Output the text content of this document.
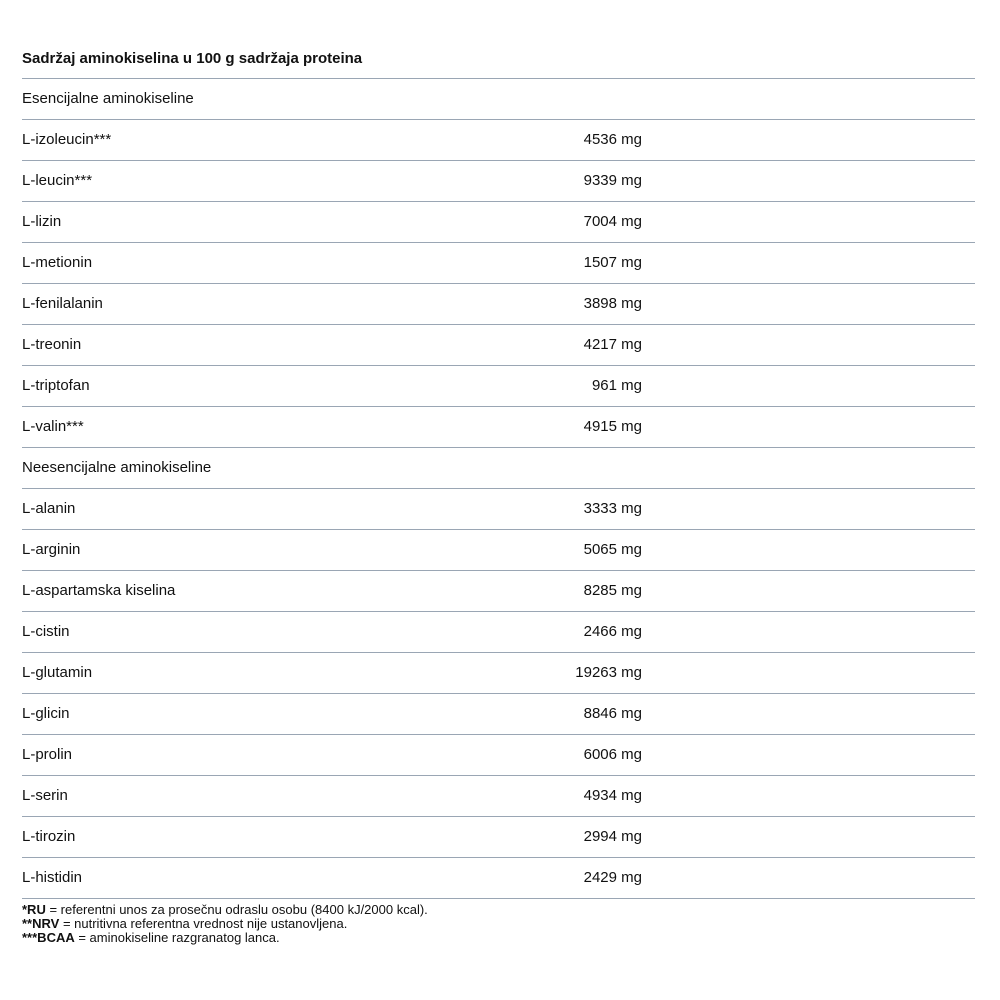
Sadržaj aminokiselina u 100 g sadržaja proteina
Esencijalne aminokiseline
L-izoleucin***	4536 mg
L-leucin***	9339 mg
L-lizin	7004 mg
L-metionin	1507 mg
L-fenilalanin	3898 mg
L-treonin	4217 mg
L-triptofan	961 mg
L-valin***	4915 mg
Neesencijalne aminokiseline
L-alanin	3333 mg
L-arginin	5065 mg
L-aspartamska kiselina	8285 mg
L-cistin	2466 mg
L-glutamin	19263 mg
L-glicin	8846 mg
L-prolin	6006 mg
L-serin	4934 mg
L-tirozin	2994 mg
L-histidin	2429 mg

*RU = referentni unos za prosečnu odraslu osobu (8400 kJ/2000 kcal).

**NRV = nutritivna referentna vrednost nije ustanovljena.

***BCAA = aminokiseline razgranatog lanca.
